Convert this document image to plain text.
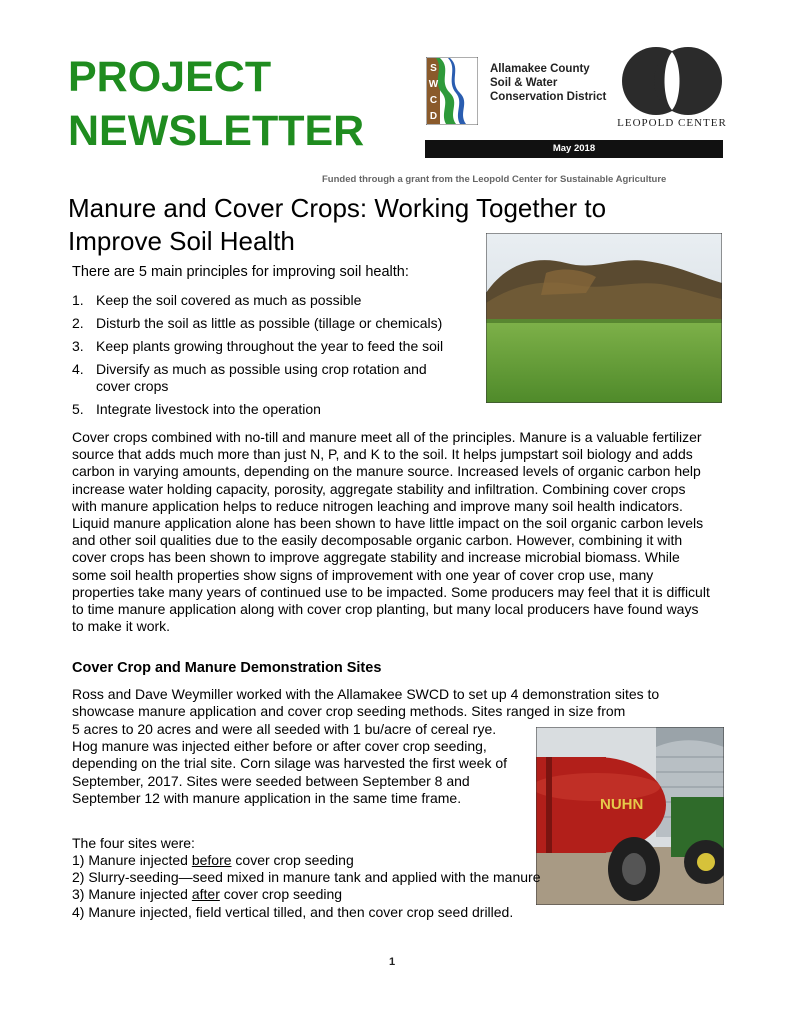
PROJECT
NEWSLETTER
S
W
C
D
Allamakee County
Soil & Water
Conservation District
LEOPOLD CENTER
May 2018
Funded through a grant from the Leopold Center for Sustainable Agriculture
Manure and Cover Crops: Working Together to
Improve Soil Health
There are 5 main principles for improving soil health:
1. Keep the soil covered as much as possible
2. Disturb the soil as little as possible (tillage or chemicals)
3. Keep plants growing throughout the year to feed the soil
4. Diversify as much as possible using crop rotation and cover crops
5. Integrate livestock into the operation

Cover crops combined with no-till and manure meet all of the principles. Manure is a valuable fertilizer source that adds much more than just N, P, and K to the soil. It helps jumpstart soil biology and adds carbon in varying amounts, depending on the manure source. Increased levels of organic carbon help increase water holding capacity, porosity, aggregate stability and infiltration. Combining cover crops with manure application helps to reduce nitrogen leaching and improve many soil health indicators. Liquid manure application alone has been shown to have little impact on the soil organic carbon levels and other soil qualities due to the easily decomposable organic carbon. However, combining it with cover crops has been shown to improve aggregate stability and increase microbial biomass. While some soil health properties show signs of improvement with one year of cover crop use, many properties take many years of continued use to be impacted. Some producers may feel that it is difficult to time manure application along with cover crop planting, but many local producers have found ways to make it work.

Cover Crop and Manure Demonstration Sites

Ross and Dave Weymiller worked with the Allamakee SWCD to set up 4 demonstration sites to showcase manure application and cover crop seeding methods. Sites ranged in size from

5 acres to 20 acres and were all seeded with 1 bu/acre of cereal rye. Hog manure was injected either before or after cover crop seeding, depending on the trial site. Corn silage was harvested the first week of September, 2017. Sites were seeded between September 8 and September 12 with manure application in the same time frame.	NUHN
The four sites were:
1) Manure injected before cover crop seeding
2) Slurry-seeding—seed mixed in manure tank and applied with the manure
3) Manure injected after cover crop seeding
4) Manure injected, field vertical tilled, and then cover crop seed drilled.
1
